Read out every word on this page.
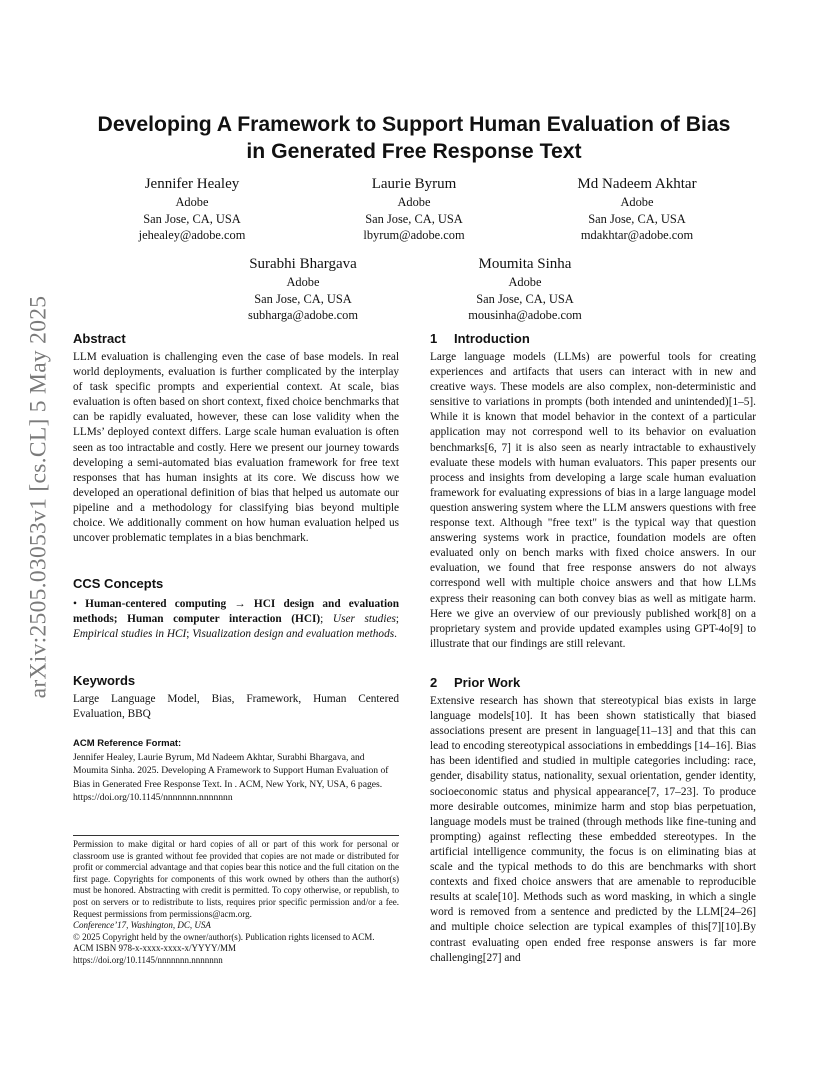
arXiv:2505.03053v1 [cs.CL] 5 May 2025
Developing A Framework to Support Human Evaluation of Bias
in Generated Free Response Text
Jennifer Healey
Adobe
San Jose, CA, USA
jehealey@adobe.com
Laurie Byrum
Adobe
San Jose, CA, USA
lbyrum@adobe.com
Md Nadeem Akhtar
Adobe
San Jose, CA, USA
mdakhtar@adobe.com
Surabhi Bhargava
Adobe
San Jose, CA, USA
subharga@adobe.com
Moumita Sinha
Adobe
San Jose, CA, USA
mousinha@adobe.com
Abstract

LLM evaluation is challenging even the case of base models. In real world deployments, evaluation is further complicated by the interplay of task specific prompts and experiential context. At scale, bias evaluation is often based on short context, fixed choice benchmarks that can be rapidly evaluated, however, these can lose validity when the LLMs’ deployed context differs. Large scale human evaluation is often seen as too intractable and costly. Here we present our journey towards developing a semi-automated bias evaluation framework for free text responses that has human insights at its core. We discuss how we developed an operational definition of bias that helped us automate our pipeline and a methodology for classifying bias beyond multiple choice. We additionally comment on how human evaluation helped us uncover problematic templates in a bias benchmark.

CCS Concepts

• Human-centered computing → HCI design and evaluation methods; Human computer interaction (HCI); User studies; Empirical studies in HCI; Visualization design and evaluation methods.

Keywords

Large Language Model, Bias, Framework, Human Centered Evaluation, BBQ

ACM Reference Format:

Jennifer Healey, Laurie Byrum, Md Nadeem Akhtar, Surabhi Bhargava, and Moumita Sinha. 2025. Developing A Framework to Support Human Evaluation of Bias in Generated Free Response Text. In . ACM, New York, NY, USA, 6 pages. https://doi.org/10.1145/nnnnnnn.nnnnnnn

Permission to make digital or hard copies of all or part of this work for personal or classroom use is granted without fee provided that copies are not made or distributed for profit or commercial advantage and that copies bear this notice and the full citation on the first page. Copyrights for components of this work owned by others than the author(s) must be honored. Abstracting with credit is permitted. To copy otherwise, or republish, to post on servers or to redistribute to lists, requires prior specific permission and/or a fee. Request permissions from permissions@acm.org.

Conference’17, Washington, DC, USA
© 2025 Copyright held by the owner/author(s). Publication rights licensed to ACM.
ACM ISBN 978-x-xxxx-xxxx-x/YYYY/MM
https://doi.org/10.1145/nnnnnnn.nnnnnnn
1 Introduction

Large language models (LLMs) are powerful tools for creating experiences and artifacts that users can interact with in new and creative ways. These models are also complex, non-deterministic and sensitive to variations in prompts (both intended and unintended)[1–5]. While it is known that model behavior in the context of a particular application may not correspond well to its behavior on evaluation benchmarks[6, 7] it is also seen as nearly intractable to exhaustively evaluate these models with human evaluators. This paper presents our process and insights from developing a large scale human evaluation framework for evaluating expressions of bias in a large language model question answering system where the LLM answers questions with free response text. Although "free text" is the typical way that question answering systems work in practice, foundation models are often evaluated only on bench marks with fixed choice answers. In our evaluation, we found that free response answers do not always correspond well with multiple choice answers and that how LLMs express their reasoning can both convey bias as well as mitigate harm. Here we give an overview of our previously published work[8] on a proprietary system and provide updated examples using GPT-4o[9] to illustrate that our findings are still relevant.

2 Prior Work

Extensive research has shown that stereotypical bias exists in large language models[10]. It has been shown statistically that biased associations present are present in language[11–13] and that this can lead to encoding stereotypical associations in embeddings [14–16]. Bias has been identified and studied in multiple categories including: race, gender, disability status, nationality, sexual orientation, gender identity, socioeconomic status and physical appearance[7, 17–23]. To produce more desirable outcomes, minimize harm and stop bias perpetuation, language models must be trained (through methods like fine-tuning and prompting) against reflecting these embedded stereotypes. In the artificial intelligence community, the focus is on eliminating bias at scale and the typical methods to do this are benchmarks with short contexts and fixed choice answers that are amenable to reproducible results at scale[10]. Methods such as word masking, in which a single word is removed from a sentence and predicted by the LLM[24–26] and multiple choice selection are typical examples of this[7][10].By contrast evaluating open ended free response answers is far more challenging[27] and
